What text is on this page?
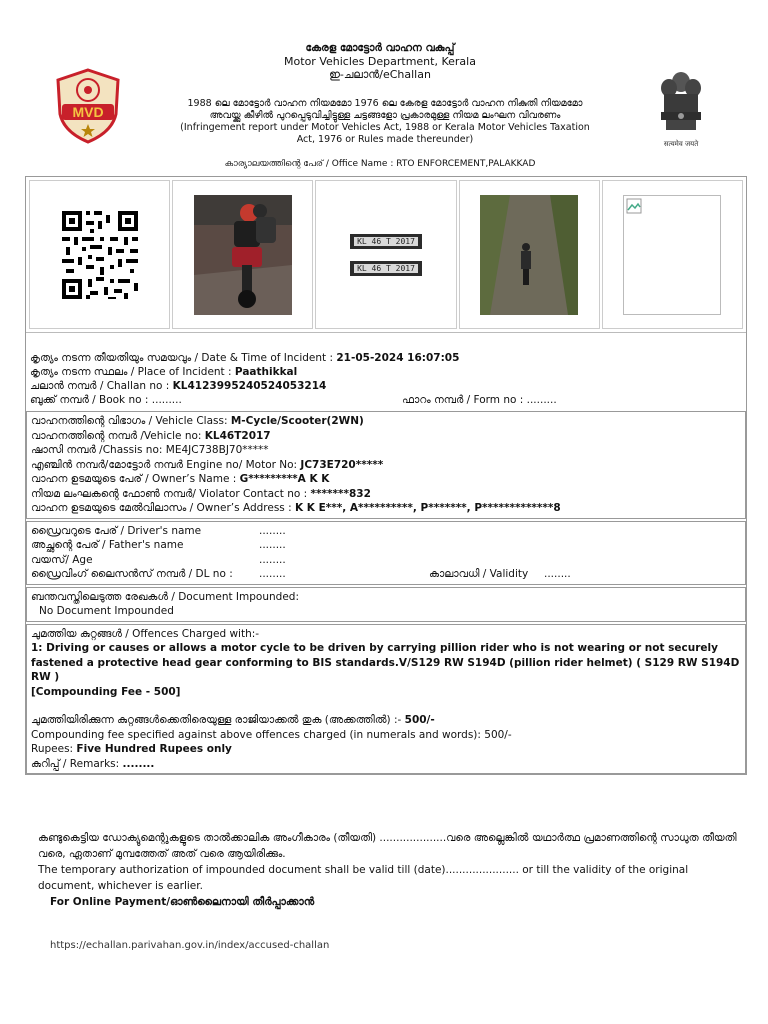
MVD
കേരള മോട്ടോർ വാഹന വകുപ്പ്
Motor Vehicles Department, Kerala
ഇ-ചലാൻ/eChallan
1988 ലെ മോട്ടോർ വാഹന നിയമമോ 1976 ലെ കേരള മോട്ടോർ വാഹന നികുതി നിയമമോ അവയ്ക്കു കീഴിൽ പുറപ്പെടുവിച്ചിട്ടുള്ള ചട്ടങ്ങളോ പ്രകാരമുള്ള നിയമ ലംഘന വിവരണം (Infringement report under Motor Vehicles Act, 1988 or Kerala Motor Vehicles Taxation Act, 1976 or Rules made thereunder)
കാര്യാലയത്തിന്റെ പേര് / Office Name : RTO ENFORCEMENT,PALAKKAD
सत्यमेव जयते
KL 46 T 2017
KL 46 T 2017
കൃത്യം നടന്ന തീയതിയും സമയവും / Date & Time of Incident : 21-05-2024 16:07:05
കൃത്യം നടന്ന സ്ഥലം / Place of Incident : Paathikkal
ചലാൻ നമ്പർ / Challan no : KL4123995240524053214
ബുക്ക് നമ്പർ / Book no : .........	ഫാറം നമ്പർ / Form no : .........
വാഹനത്തിന്റെ വിഭാഗം / Vehicle Class: M-Cycle/Scooter(2WN)
വാഹനത്തിന്റെ നമ്പർ /Vehicle no: KL46T2017
ഷാസി നമ്പർ /Chassis no: ME4JC738BJ70*****
എഞ്ചിൻ നമ്പർ/മോട്ടോർ നമ്പർ Engine no/ Motor No: JC73E720*****
വാഹന ഉടമയുടെ പേര് / Owner’s Name : G*********A K K
നിയമ ലംഘകന്റെ ഫോൺ നമ്പർ/ Violator Contact no : *******832
വാഹന ഉടമയുടെ മേൽവിലാസം / Owner’s Address : K K E***, A**********, P*******, P*************8
ഡ്രൈവറുടെ പേര് / Driver's name	........
അച്ഛന്റെ പേര് / Father's name	........
വയസ്/ Age	........
ഡ്രൈവിംഗ് ലൈസൻസ് നമ്പർ / DL no :	........	കാലാവധി / Validity	........
ബന്തവസ്തിലെടുത്ത രേഖകൾ / Document Impounded:
No Document Impounded
ചുമത്തിയ കുറ്റങ്ങൾ / Offences Charged with:-
1: Driving or causes or allows a motor cycle to be driven by carrying pillion rider who is not wearing or not securely fastened a protective head gear conforming to BIS standards.V/S129 RW S194D (pillion rider helmet) ( S129 RW S194D RW )
[Compounding Fee - 500]
ചുമത്തിയിരിക്കുന്ന കുറ്റങ്ങൾക്കെതിരെയുള്ള രാജിയാക്കൽ തുക (അക്കത്തിൽ) :- 500/-
Compounding fee specified against above offences charged (in numerals and words): 500/-
Rupees: Five Hundred Rupees only
കുറിപ്പ് / Remarks: ........
കണ്ടുകെട്ടിയ ഡോക്യുമെന്റുകളുടെ താൽക്കാലിക അംഗീകാരം (തീയതി) ....................വരെ അല്ലെങ്കിൽ യഥാർത്ഥ പ്രമാണത്തിന്റെ സാധുത തീയതി വരെ, ഏതാണ് മുമ്പത്തേത് അത് വരെ ആയിരിക്കും.
The temporary authorization of impounded document shall be valid till (date)...................... or till the validity of the original document, whichever is earlier.
For Online Payment/ഓൺലൈനായി തീർപ്പാക്കാൻ
https://echallan.parivahan.gov.in/index/accused-challan
